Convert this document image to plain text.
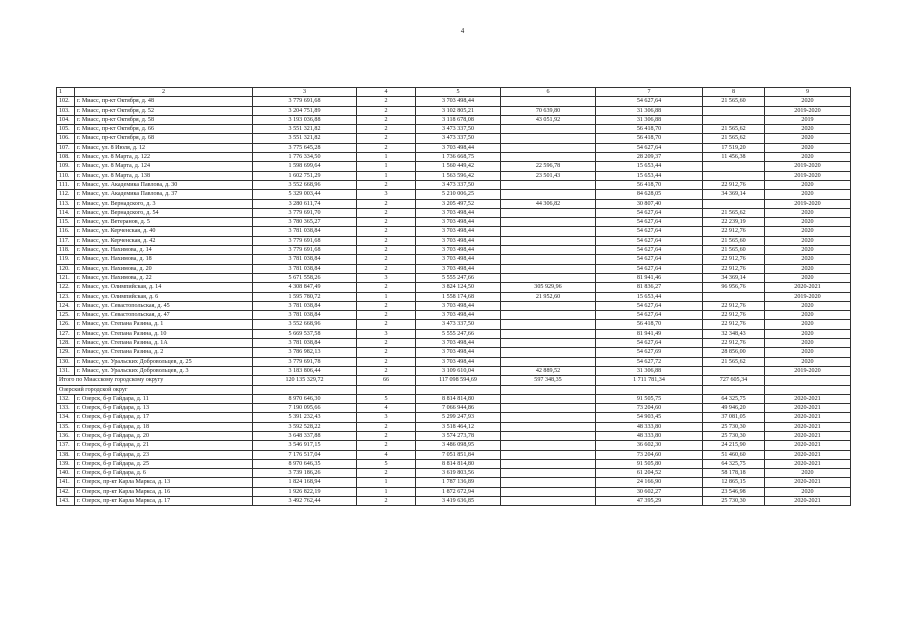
4
1	2	3	4	5	6	7	8	9
102.	г. Миасс, пр-кт Октября, д. 48	3 779 691,68	2	3 703 498,44		54 627,64	21 565,60	2020
103.	г. Миасс, пр-кт Октября, д. 52	3 204 751,89	2	3 102 805,21	70 639,80	31 306,88		2019-2020
104.	г. Миасс, пр-кт Октября, д. 58	3 193 036,88	2	3 118 678,08	43 051,92	31 306,88		2019
105.	г. Миасс, пр-кт Октября, д. 66	3 551 321,82	2	3 473 337,50		56 418,70	21 565,62	2020
106.	г. Миасс, пр-кт Октября, д. 68	3 551 321,82	2	3 473 337,50		56 418,70	21 565,62	2020
107.	г. Миасс, ул. 8 Июля, д. 12	3 775 645,28	2	3 703 498,44		54 627,64	17 519,20	2020
108.	г. Миасс, ул. 8 Марта, д. 122	1 776 334,50	1	1 736 668,75		28 209,37	11 456,38	2020
109.	г. Миасс, ул. 8 Марта, д. 124	1 598 699,64	1	1 560 449,42	22 596,78	15 653,44		2019-2020
110.	г. Миасс, ул. 8 Марта, д. 138	1 602 751,29	1	1 563 596,42	23 501,43	15 653,44		2019-2020
111.	г. Миасс, ул. Академика Павлова, д. 30	3 552 668,96	2	3 473 337,50		56 418,70	22 912,76	2020
112.	г. Миасс, ул. Академика Павлова, д. 37	5 329 003,44	3	5 210 006,25		84 628,05	34 369,14	2020
113.	г. Миасс, ул. Вернадского, д. 3	3 280 611,74	2	3 205 497,52	44 306,82	30 807,40		2019-2020
114.	г. Миасс, ул. Вернадского, д. 54	3 779 691,70	2	3 703 498,44		54 627,64	21 565,62	2020
115.	г. Миасс, ул. Ветеранов, д. 5	3 780 365,27	2	3 703 498,44		54 627,64	22 239,19	2020
116.	г. Миасс, ул. Керченская, д. 40	3 781 038,84	2	3 703 498,44		54 627,64	22 912,76	2020
117.	г. Миасс, ул. Керченская, д. 42	3 779 691,68	2	3 703 498,44		54 627,64	21 565,60	2020
118.	г. Миасс, ул. Нахимова, д. 14	3 779 691,68	2	3 703 498,44		54 627,64	21 565,60	2020
119.	г. Миасс, ул. Нахимова, д. 18	3 781 038,84	2	3 703 498,44		54 627,64	22 912,76	2020
120.	г. Миасс, ул. Нахимова, д. 20	3 781 038,84	2	3 703 498,44		54 627,64	22 912,76	2020
121.	г. Миасс, ул. Нахимова, д. 22	5 671 558,26	3	5 555 247,66		81 941,46	34 369,14	2020
122.	г. Миасс, ул. Олимпийская, д. 14	4 308 847,49	2	3 824 124,50	305 929,96	81 836,27	96 956,76	2020-2021
123.	г. Миасс, ул. Олимпийская, д. 6	1 595 780,72	1	1 558 174,68	21 952,60	15 653,44		2019-2020
124.	г. Миасс, ул. Севастопольская, д. 45	3 781 038,84	2	3 703 498,44		54 627,64	22 912,76	2020
125.	г. Миасс, ул. Севастопольская, д. 47	3 781 038,84	2	3 703 498,44		54 627,64	22 912,76	2020
126.	г. Миасс, ул. Степана Разина, д. 1	3 552 668,96	2	3 473 337,50		56 418,70	22 912,76	2020
127.	г. Миасс, ул. Степана Разина, д. 10	5 669 537,58	3	5 555 247,66		81 941,49	32 348,43	2020
128.	г. Миасс, ул. Степана Разина, д. 1А	3 781 038,84	2	3 703 498,44		54 627,64	22 912,76	2020
129.	г. Миасс, ул. Степана Разина, д. 2	3 786 982,13	2	3 703 498,44		54 627,69	28 856,00	2020
130.	г. Миасс, ул. Уральских Добровольцев, д. 25	3 779 691,78	2	3 703 498,44		54 627,72	21 565,62	2020
131.	г. Миасс, ул. Уральских Добровольцев, д. 3	3 183 806,44	2	3 109 610,04	42 889,52	31 306,88		2019-2020
Итого по Миасскому городскому округу		120 135 329,72	66	117 098 594,69	597 348,35	1 711 781,34	727 605,34	
Озерский городской округ								
132.	г. Озерск, б-р Гайдара, д. 11	8 970 646,30	5	8 814 814,80		91 505,75	64 325,75	2020-2021
133.	г. Озерск, б-р Гайдара, д. 13	7 190 095,66	4	7 066 944,86		73 204,60	49 946,20	2020-2021
134.	г. Озерск, б-р Гайдара, д. 17	5 391 232,43	3	5 299 247,93		54 903,45	37 081,05	2020-2021
135.	г. Озерск, б-р Гайдара, д. 18	3 592 528,22	2	3 518 464,12		48 333,80	25 730,30	2020-2021
136.	г. Озерск, б-р Гайдара, д. 20	3 648 337,88	2	3 574 273,78		48 333,80	25 730,30	2020-2021
137.	г. Озерск, б-р Гайдара, д. 21	3 546 917,15	2	3 486 098,95		36 602,30	24 215,90	2020-2021
138.	г. Озерск, б-р Гайдара, д. 23	7 176 517,04	4	7 051 851,84		73 204,60	51 460,60	2020-2021
139.	г. Озерск, б-р Гайдара, д. 25	8 970 646,35	5	8 814 814,80		91 505,80	64 325,75	2020-2021
140.	г. Озерск, б-р Гайдара, д. 6	3 739 186,26	2	3 619 803,56		61 204,52	58 178,18	2020
141.	г. Озерск, пр-кт Карла Маркса, д. 13	1 824 168,94	1	1 787 136,89		24 166,90	12 865,15	2020-2021
142.	г. Озерск, пр-кт Карла Маркса, д. 16	1 926 822,19	1	1 872 672,94		30 602,27	23 546,98	2020
143.	г. Озерск, пр-кт Карла Маркса, д. 17	3 492 762,44	2	3 419 636,85		47 395,29	25 730,30	2020-2021
